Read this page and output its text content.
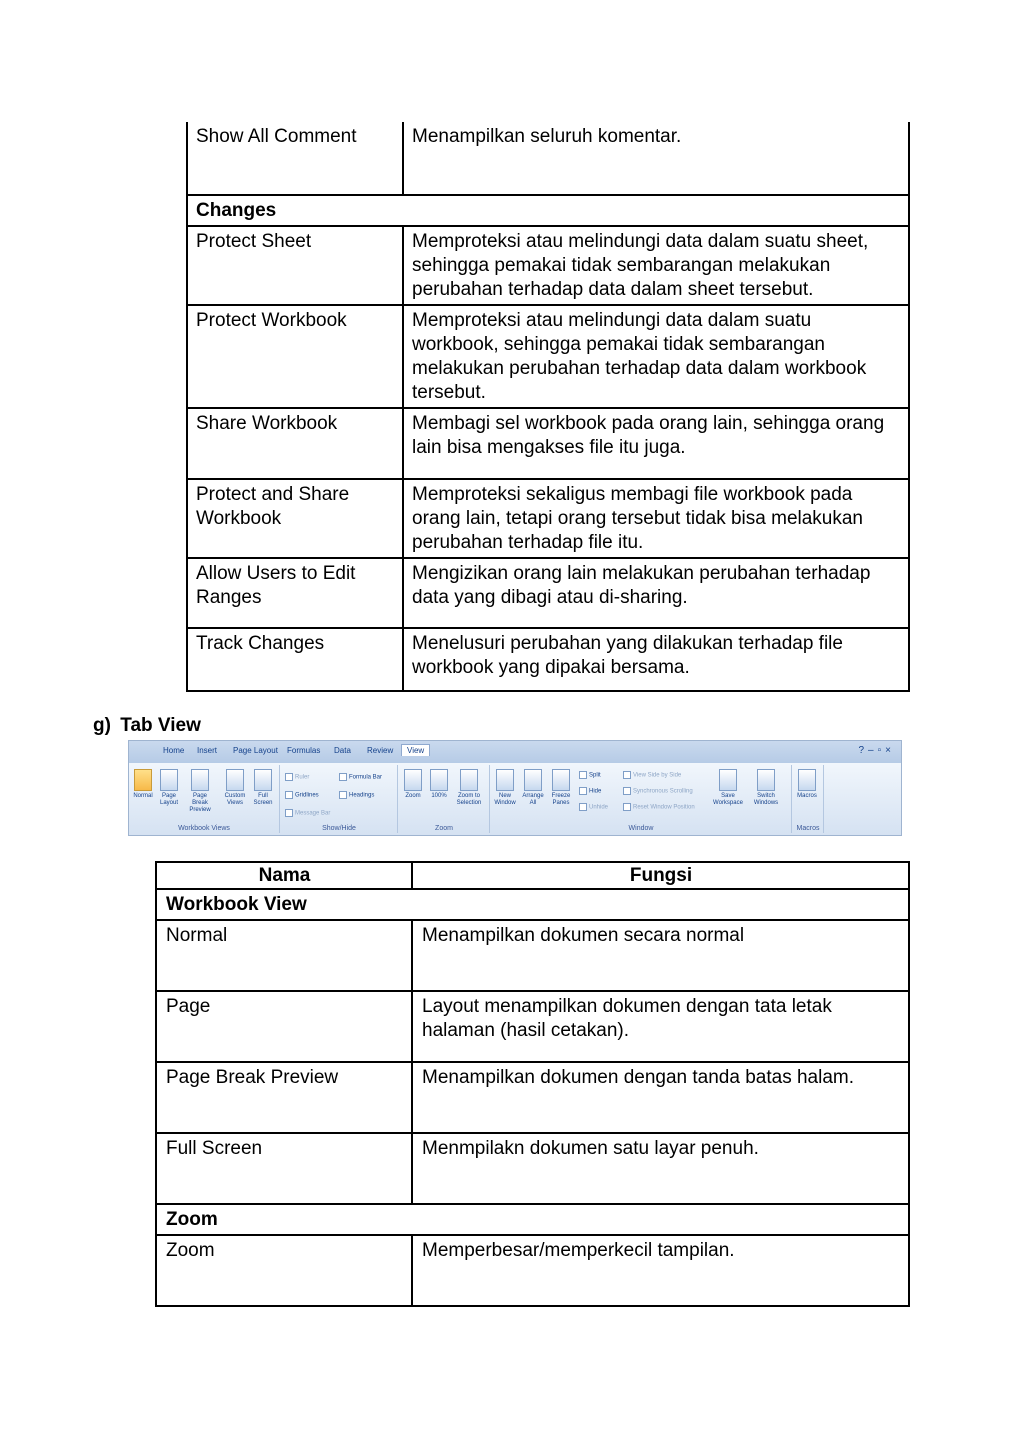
Show All Comment	Menampilkan seluruh komentar.
Changes	
Protect Sheet	Memproteksi atau melindungi data dalam suatu sheet, sehingga pemakai tidak sembarangan melakukan perubahan terhadap data dalam sheet tersebut.
Protect Workbook	Memproteksi atau melindungi data dalam suatu workbook, sehingga pemakai tidak sembarangan melakukan perubahan terhadap data dalam workbook tersebut.
Share Workbook	Membagi sel workbook pada orang lain, sehingga orang lain bisa mengakses file itu juga.
Protect and Share Workbook	Memproteksi sekaligus membagi file workbook pada orang lain, tetapi orang tersebut tidak bisa melakukan perubahan terhadap file itu.
Allow Users to Edit Ranges	Mengizikan orang lain melakukan perubahan terhadap data yang dibagi atau di-sharing.
Track Changes	Menelusuri perubahan yang dilakukan terhadap file workbook yang dipakai bersama.
g) Tab View
Home Insert Page Layout Formulas Data Review	View	?–▫×
Normal	Page Layout
Page Break Preview
Custom Views
Full Screen
Workbook Views
Ruler	Formula Bar
Gridlines	Headings
Message Bar
Show/Hide
Zoom	100%	Zoom to Selection
Zoom
New Window
Arrange All
Freeze Panes
Split
Hide
Unhide
View Side by Side
Synchronous Scrolling
Reset Window Position
Save Workspace
Switch Windows
Window
Macros
Macros
Nama	Fungsi
Workbook View	
Normal	Menampilkan dokumen secara normal
Page	Layout menampilkan dokumen dengan tata letak halaman (hasil cetakan).
Page Break Preview	Menampilkan dokumen dengan tanda batas halam.
Full Screen	Menmpilakn dokumen satu layar penuh.
Zoom	
Zoom	Memperbesar/memperkecil tampilan.
